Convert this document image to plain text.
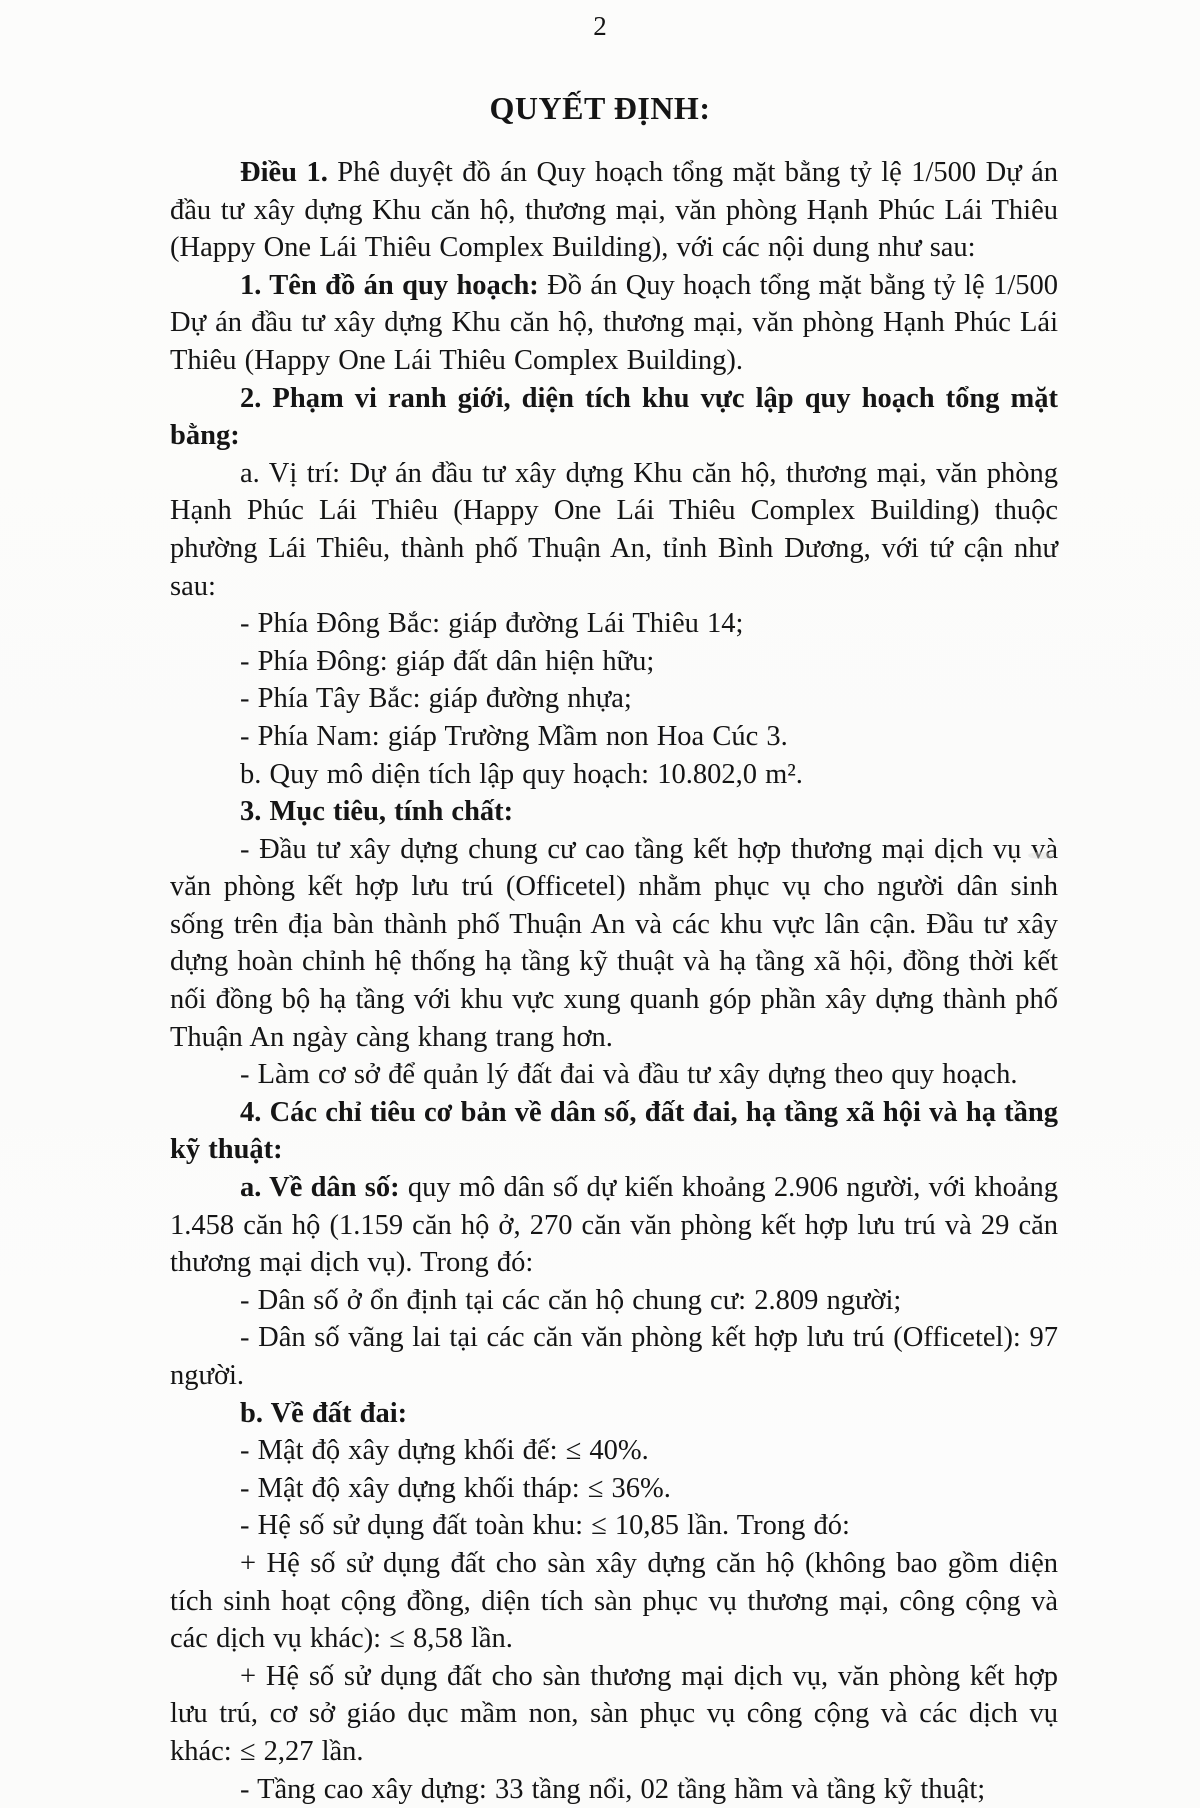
2
QUYẾT ĐỊNH:

Điều 1. Phê duyệt đồ án Quy hoạch tổng mặt bằng tỷ lệ 1/500 Dự án đầu tư xây dựng Khu căn hộ, thương mại, văn phòng Hạnh Phúc Lái Thiêu (Happy One Lái Thiêu Complex Building), với các nội dung như sau:

1. Tên đồ án quy hoạch: Đồ án Quy hoạch tổng mặt bằng tỷ lệ 1/500 Dự án đầu tư xây dựng Khu căn hộ, thương mại, văn phòng Hạnh Phúc Lái Thiêu (Happy One Lái Thiêu Complex Building).

2. Phạm vi ranh giới, diện tích khu vực lập quy hoạch tổng mặt bằng:

a. Vị trí: Dự án đầu tư xây dựng Khu căn hộ, thương mại, văn phòng Hạnh Phúc Lái Thiêu (Happy One Lái Thiêu Complex Building) thuộc phường Lái Thiêu, thành phố Thuận An, tỉnh Bình Dương, với tứ cận như sau:

- Phía Đông Bắc: giáp đường Lái Thiêu 14;

- Phía Đông: giáp đất dân hiện hữu;

- Phía Tây Bắc: giáp đường nhựa;

- Phía Nam: giáp Trường Mầm non Hoa Cúc 3.

b. Quy mô diện tích lập quy hoạch: 10.802,0 m².

3. Mục tiêu, tính chất:

- Đầu tư xây dựng chung cư cao tầng kết hợp thương mại dịch vụ và văn phòng kết hợp lưu trú (Officetel) nhằm phục vụ cho người dân sinh sống trên địa bàn thành phố Thuận An và các khu vực lân cận. Đầu tư xây dựng hoàn chỉnh hệ thống hạ tầng kỹ thuật và hạ tầng xã hội, đồng thời kết nối đồng bộ hạ tầng với khu vực xung quanh góp phần xây dựng thành phố Thuận An ngày càng khang trang hơn.

- Làm cơ sở để quản lý đất đai và đầu tư xây dựng theo quy hoạch.

4. Các chỉ tiêu cơ bản về dân số, đất đai, hạ tầng xã hội và hạ tầng kỹ thuật:

a. Về dân số: quy mô dân số dự kiến khoảng 2.906 người, với khoảng 1.458 căn hộ (1.159 căn hộ ở, 270 căn văn phòng kết hợp lưu trú và 29 căn thương mại dịch vụ). Trong đó:

- Dân số ở ổn định tại các căn hộ chung cư: 2.809 người;

- Dân số vãng lai tại các căn văn phòng kết hợp lưu trú (Officetel): 97 người.

b. Về đất đai:

- Mật độ xây dựng khối đế: ≤ 40%.

- Mật độ xây dựng khối tháp: ≤ 36%.

- Hệ số sử dụng đất toàn khu: ≤ 10,85 lần. Trong đó:

+ Hệ số sử dụng đất cho sàn xây dựng căn hộ (không bao gồm diện tích sinh hoạt cộng đồng, diện tích sàn phục vụ thương mại, công cộng và các dịch vụ khác): ≤ 8,58 lần.

+ Hệ số sử dụng đất cho sàn thương mại dịch vụ, văn phòng kết hợp lưu trú, cơ sở giáo dục mầm non, sàn phục vụ công cộng và các dịch vụ khác: ≤ 2,27 lần.

- Tầng cao xây dựng: 33 tầng nổi, 02 tầng hầm và tầng kỹ thuật;
